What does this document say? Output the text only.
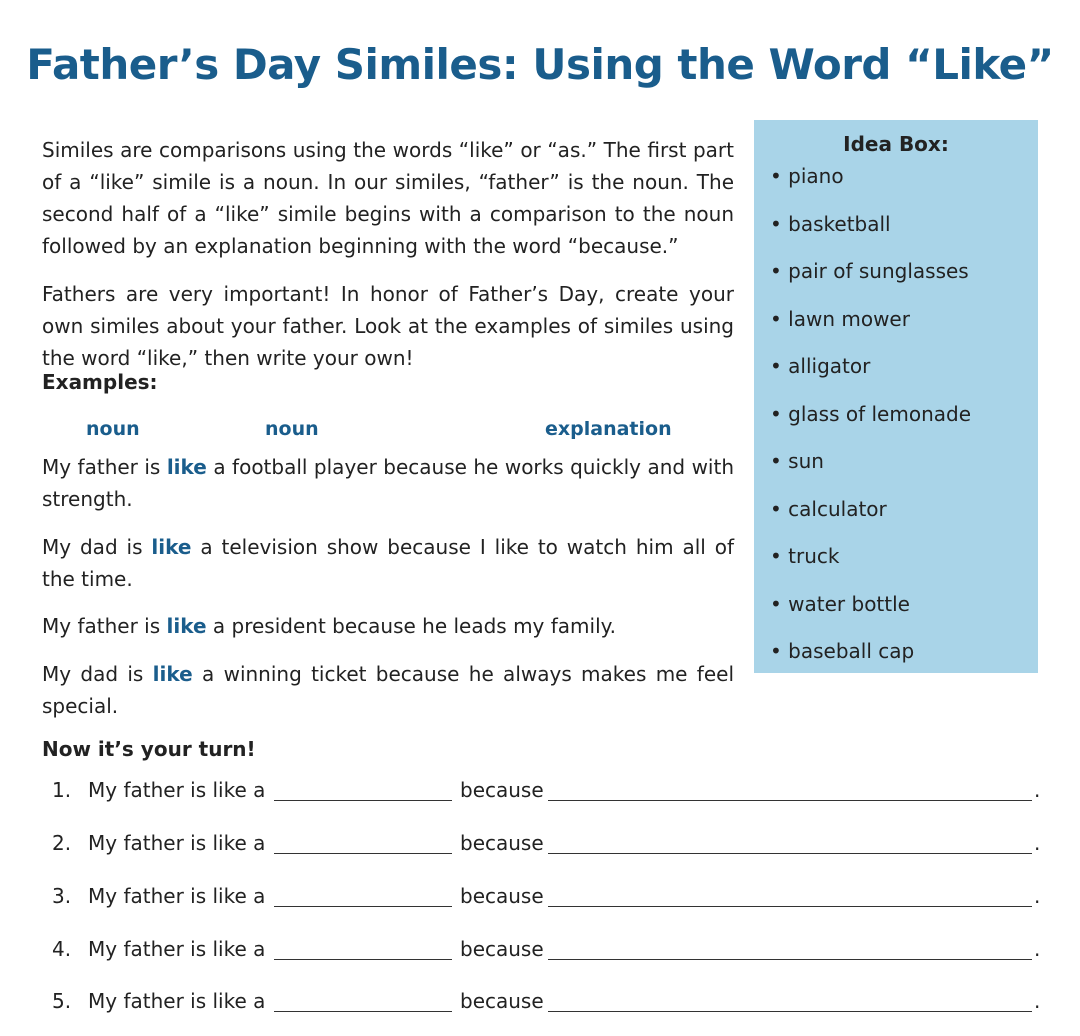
Father’s Day Similes: Using the Word “Like”

Similes are comparisons using the words “like” or “as.” The first part of a “like” simile is a noun. In our similes, “father” is the noun. The second half of a “like” simile begins with a comparison to the noun followed by an explanation beginning with the word “because.”

Fathers are very important! In honor of Father’s Day, create your own similes about your father. Look at the examples of similes using the word “like,” then write your own!

Examples:
noun	noun	explanation

My father is like a football player because he works quickly and with strength.

My dad is like a television show because I like to watch him all of the time.

My father is like a president because he leads my family.

My dad is like a winning ticket because he always makes me feel special.

Idea Box:
• piano
• basketball
• pair of sunglasses
• lawn mower
• alligator
• glass of lemonade
• sun
• calculator
• truck
• water bottle
• baseball cap
Now it’s your turn!
1. My father is like a	because	.
2. My father is like a	because	.
3. My father is like a	because	.
4. My father is like a	because	.
5. My father is like a	because	.
